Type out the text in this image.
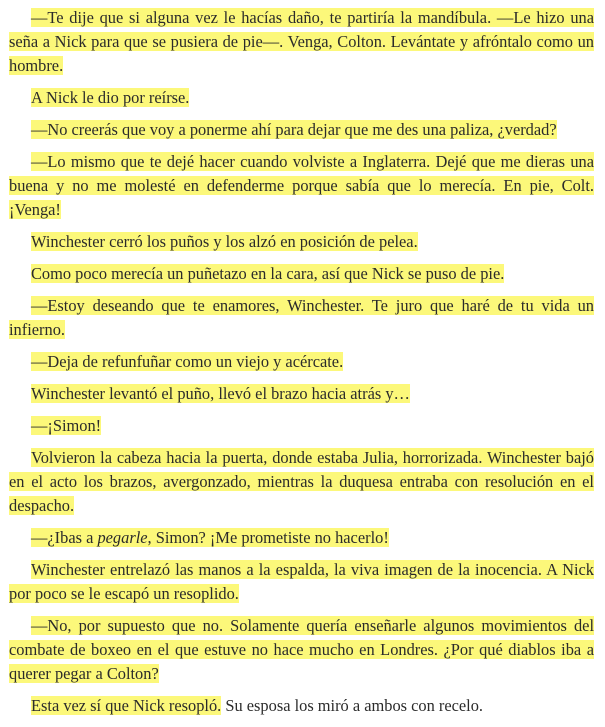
—Te dije que si alguna vez le hacías daño, te partiría la mandíbula. —Le hizo una seña a Nick para que se pusiera de pie—. Venga, Colton. Levántate y afróntalo como un hombre.

A Nick le dio por reírse.

—No creerás que voy a ponerme ahí para dejar que me des una paliza, ¿verdad?

—Lo mismo que te dejé hacer cuando volviste a Inglaterra. Dejé que me dieras una buena y no me molesté en defenderme porque sabía que lo merecía. En pie, Colt. ¡Venga!

Winchester cerró los puños y los alzó en posición de pelea.

Como poco merecía un puñetazo en la cara, así que Nick se puso de pie.

—Estoy deseando que te enamores, Winchester. Te juro que haré de tu vida un infierno.

—Deja de refunfuñar como un viejo y acércate.

Winchester levantó el puño, llevó el brazo hacia atrás y…

—¡Simon!

Volvieron la cabeza hacia la puerta, donde estaba Julia, horrorizada. Winchester bajó en el acto los brazos, avergonzado, mientras la duquesa entraba con resolución en el despacho.

—¿Ibas a pegarle, Simon? ¡Me prometiste no hacerlo!

Winchester entrelazó las manos a la espalda, la viva imagen de la inocencia. A Nick por poco se le escapó un resoplido.

—No, por supuesto que no. Solamente quería enseñarle algunos movimientos del combate de boxeo en el que estuve no hace mucho en Londres. ¿Por qué diablos iba a querer pegar a Colton?

Esta vez sí que Nick resopló. Su esposa los miró a ambos con recelo.
